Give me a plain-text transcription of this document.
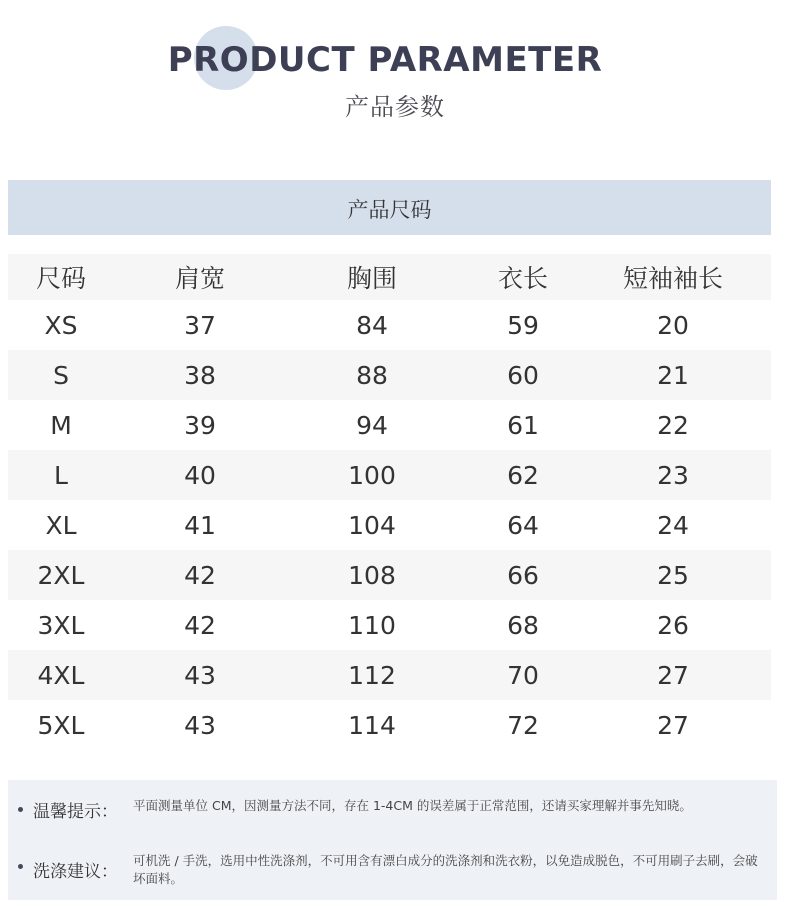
PRODUCT PARAMETER
产品参数
产品尺码
尺码	肩宽	胸围	衣长	短袖袖长
XS	37	84	59	20
S	38	88	60	21
M	39	94	61	22
L	40	100	62	23
XL	41	104	64	24
2XL	42	108	66	25
3XL	42	110	68	26
4XL	43	112	70	27
5XL	43	114	72	27
温馨提示：	平面测量单位 CM，因测量方法不同，存在 1-4CM 的误差属于正常范围，还请买家理解并事先知晓。
洗涤建议：
可机洗 / 手洗，选用中性洗涤剂，不可用含有漂白成分的洗涤剂和洗衣粉，以免造成脱色，不可用刷子去刷，会破坏面料。
